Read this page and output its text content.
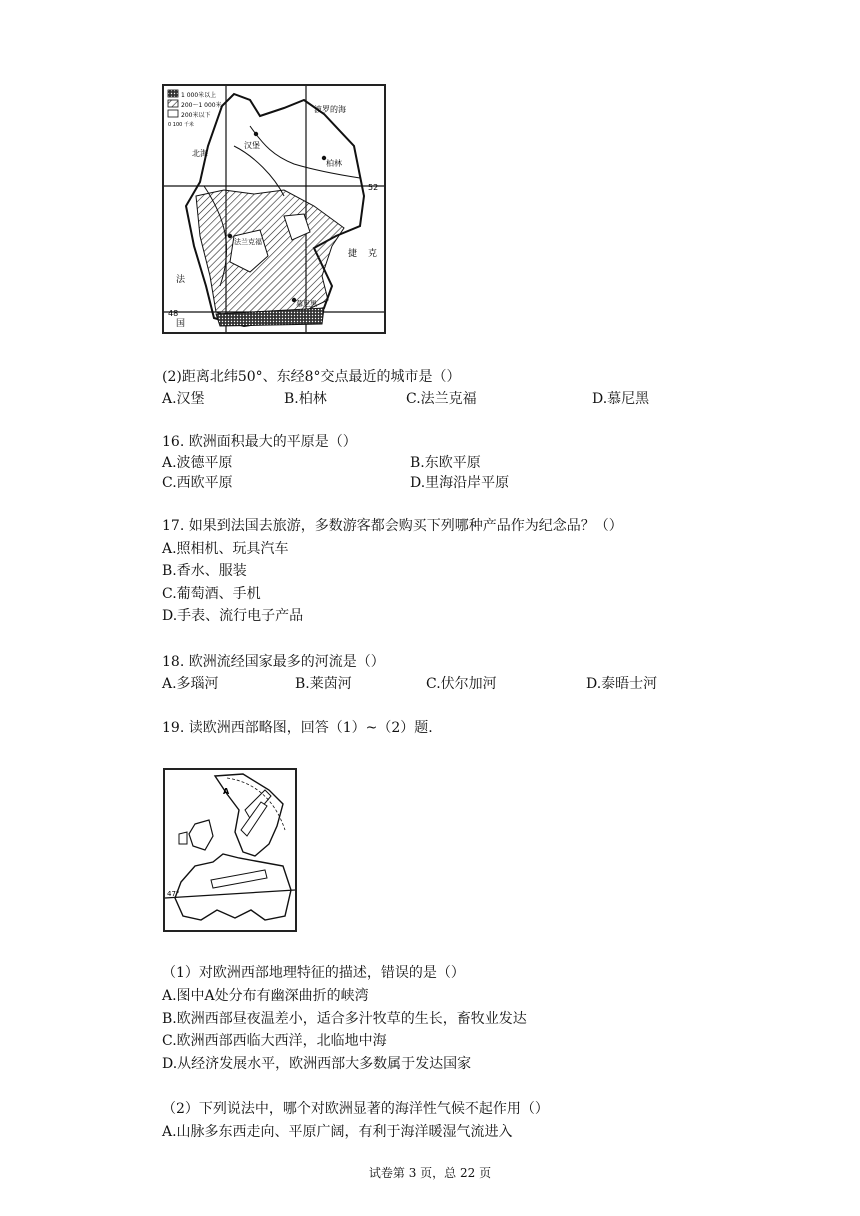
1 000米以上
200～1 000米
200米以下
0 100 千米
汉堡
柏林
法兰克福
慕尼黑
52
48
法
国
捷 克
北海
波罗的海
(2)距离北纬50°、东经8°交点最近的城市是（）
A.汉堡	B.柏林	C.法兰克福	D.慕尼黑
16. 欧洲面积最大的平原是（）
A.波德平原	B.东欧平原
C.西欧平原	D.里海沿岸平原
17. 如果到法国去旅游，多数游客都会购买下列哪种产品作为纪念品？（）
A.照相机、玩具汽车
B.香水、服装
C.葡萄酒、手机
D.手表、流行电子产品
18. 欧洲流经国家最多的河流是（）
A.多瑙河	B.莱茵河	C.伏尔加河	D.泰晤士河
19. 读欧洲西部略图，回答（1）~（2）题.
A
47°
（1）对欧洲西部地理特征的描述，错误的是（）
A.图中A处分布有幽深曲折的峡湾
B.欧洲西部昼夜温差小，适合多汁牧草的生长，畜牧业发达
C.欧洲西部西临大西洋，北临地中海
D.从经济发展水平，欧洲西部大多数属于发达国家
（2）下列说法中，哪个对欧洲显著的海洋性气候不起作用（）
A.山脉多东西走向、平原广阔，有利于海洋暖湿气流进入
试卷第 3 页，总 22 页
